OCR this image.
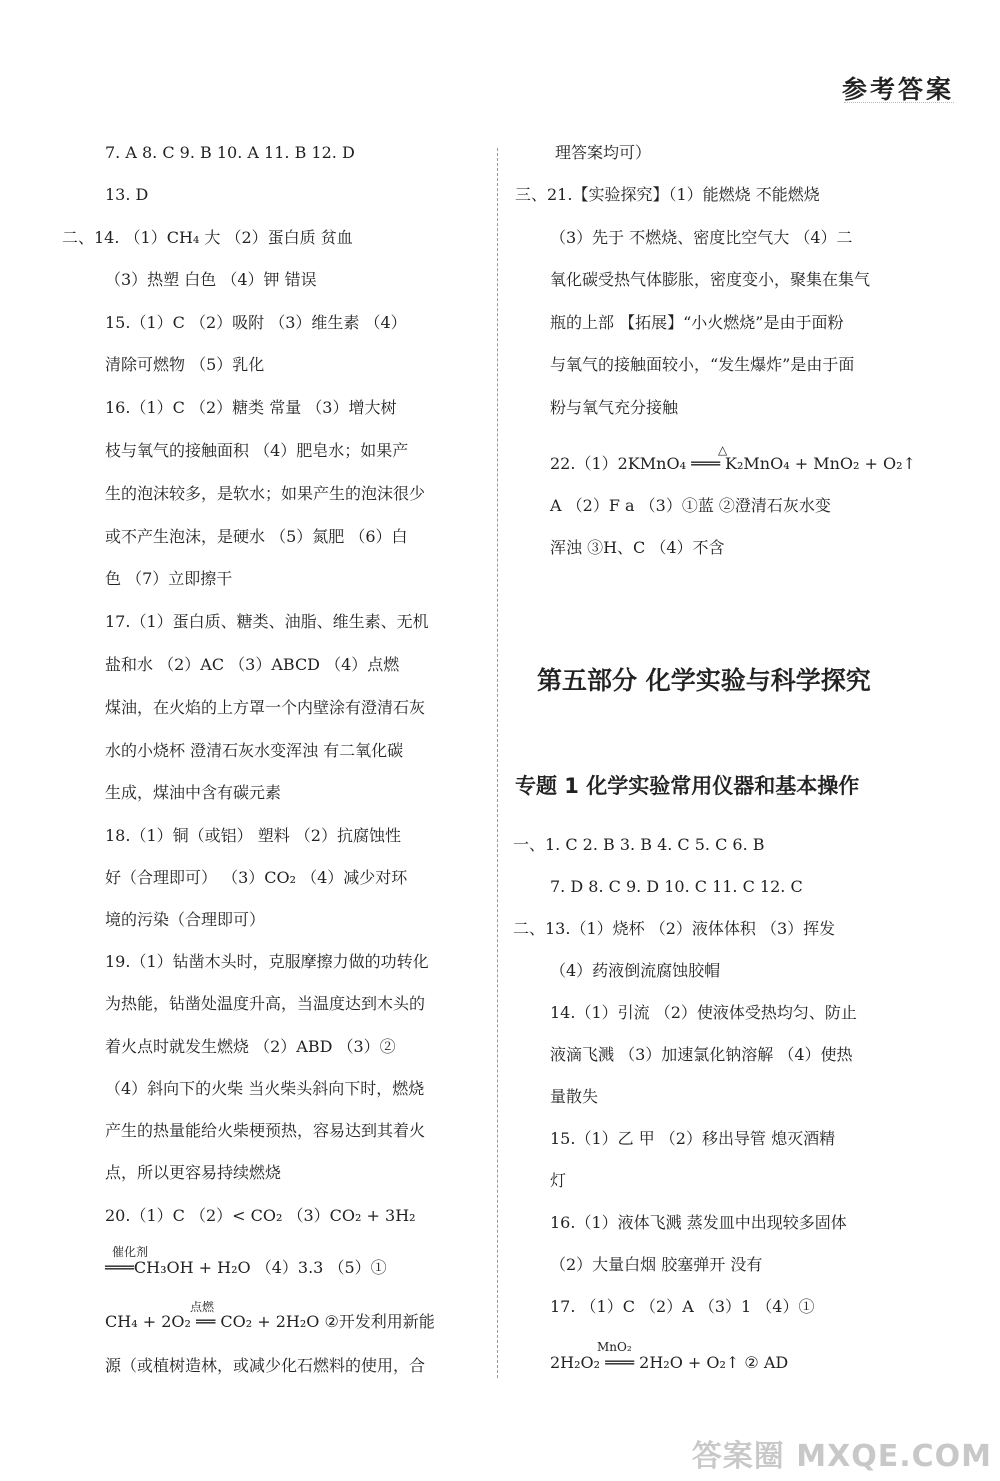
参考答案
7. A 8. C 9. B 10. A 11. B 12. D
13. D
二、14. （1）CH₄ 大 （2）蛋白质 贫血
（3）热塑 白色 （4）钾 错误
15.（1）C （2）吸附 （3）维生素 （4）
清除可燃物 （5）乳化
16.（1）C （2）糖类 常量 （3）增大树
枝与氧气的接触面积 （4）肥皂水；如果产
生的泡沫较多，是软水；如果产生的泡沫很少
或不产生泡沫，是硬水 （5）氮肥 （6）白
色 （7）立即擦干
17.（1）蛋白质、糖类、油脂、维生素、无机
盐和水 （2）AC （3）ABCD （4）点燃
煤油，在火焰的上方罩一个内壁涂有澄清石灰
水的小烧杯 澄清石灰水变浑浊 有二氧化碳
生成，煤油中含有碳元素
18.（1）铜（或铝） 塑料 （2）抗腐蚀性
好（合理即可） （3）CO₂ （4）减少对环
境的污染（合理即可）
19.（1）钻凿木头时，克服摩擦力做的功转化
为热能，钻凿处温度升高，当温度达到木头的
着火点时就发生燃烧 （2）ABD （3）②
（4）斜向下的火柴 当火柴头斜向下时，燃烧
产生的热量能给火柴梗预热，容易达到其着火
点，所以更容易持续燃烧
20.（1）C （2）< CO₂ （3）CO₂ + 3H₂
催化剂
═══CH₃OH + H₂O （4）3.3 （5）①
点燃
CH₄ + 2O₂ ══ CO₂ + 2H₂O ②开发利用新能
源（或植树造林，或减少化石燃料的使用，合
理答案均可）
三、21.【实验探究】（1）能燃烧 不能燃烧
（3）先于 不燃烧、密度比空气大 （4）二
氧化碳受热气体膨胀，密度变小，聚集在集气
瓶的上部 【拓展】“小火燃烧”是由于面粉
与氧气的接触面较小，“发生爆炸”是由于面
粉与氧气充分接触
△
22.（1）2KMnO₄ ═══ K₂MnO₄ + MnO₂ + O₂↑
A （2）F a （3）①蓝 ②澄清石灰水变
浑浊 ③H、C （4）不含
第五部分 化学实验与科学探究
专题 1 化学实验常用仪器和基本操作
一、1. C 2. B 3. B 4. C 5. C 6. B
7. D 8. C 9. D 10. C 11. C 12. C
二、13.（1）烧杯 （2）液体体积 （3）挥发
（4）药液倒流腐蚀胶帽
14.（1）引流 （2）使液体受热均匀、防止
液滴飞溅 （3）加速氯化钠溶解 （4）使热
量散失
15.（1）乙 甲 （2）移出导管 熄灭酒精
灯
16.（1）液体飞溅 蒸发皿中出现较多固体
（2）大量白烟 胶塞弹开 没有
17. （1）C （2）A （3）1 （4）①
MnO₂
2H₂O₂ ═══ 2H₂O + O₂↑ ② AD
答案圈 MXQE.COM
